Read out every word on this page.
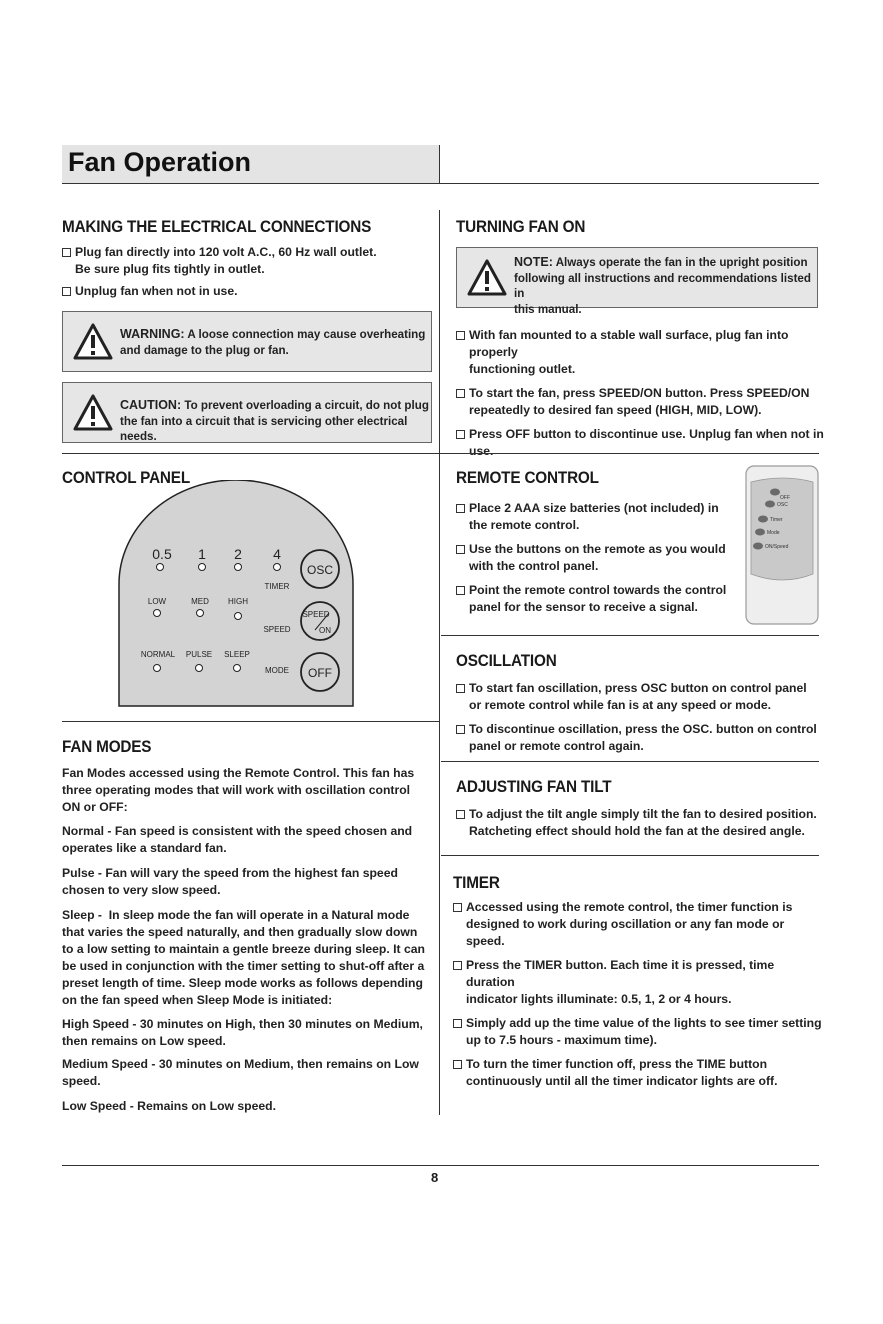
Fan Operation
MAKING THE ELECTRICAL CONNECTIONS
Plug fan directly into 120 volt A.C., 60 Hz wall outlet.
Be sure plug fits tightly in outlet.
Unplug fan when not in use.
WARNING: A loose connection may cause overheating
and damage to the plug or fan.
CAUTION: To prevent overloading a circuit, do not plug
the fan into a circuit that is servicing other electrical needs.
TURNING FAN ON
NOTE: Always operate the fan in the upright position
following all instructions and recommendations listed in
this manual.
With fan mounted to a stable wall surface, plug fan into properly
functioning outlet.
To start the fan, press SPEED/ON button. Press SPEED/ON
repeatedly to desired fan speed (HIGH, MID, LOW).
Press OFF button to discontinue use. Unplug fan when not in use.
CONTROL PANEL
0.5 1 2 4
TIMER
LOW	MED HIGH
SPEED
NORMAL PULSE SLEEP
MODE
OSC
SPEED
ON
OFF
REMOTE CONTROL
Place 2 AAA size batteries (not included) in
the remote control.
Use the buttons on the remote as you would
with the control panel.
Point the remote control towards the control
panel for the sensor to receive a signal.
OFF
OSC
Timer
Mode
ON/Speed
OSCILLATION
To start fan oscillation, press OSC button on control panel
or remote control while fan is at any speed or mode.
To discontinue oscillation, press the OSC. button on control
panel or remote control again.
FAN MODES

Fan Modes accessed using the Remote Control. This fan has
three operating modes that will work with oscillation control
ON or OFF:

Normal - Fan speed is consistent with the speed chosen and
operates like a standard fan.

Pulse - Fan will vary the speed from the highest fan speed
chosen to very slow speed.

Sleep -  In sleep mode the fan will operate in a Natural mode
that varies the speed naturally, and then gradually slow down
to a low setting to maintain a gentle breeze during sleep. It can
be used in conjunction with the timer setting to shut-off after a
preset length of time. Sleep mode works as follows depending
on the fan speed when Sleep Mode is initiated:

High Speed - 30 minutes on High, then 30 minutes on Medium,
then remains on Low speed.

Medium Speed - 30 minutes on Medium, then remains on Low
speed.

Low Speed - Remains on Low speed.

ADJUSTING FAN TILT
To adjust the tilt angle simply tilt the fan to desired position.
Ratcheting effect should hold the fan at the desired angle.
TIMER
Accessed using the remote control, the timer function is
designed to work during oscillation or any fan mode or speed.
Press the TIMER button. Each time it is pressed, time duration
indicator lights illuminate: 0.5, 1, 2 or 4 hours.
Simply add up the time value of the lights to see timer setting
up to 7.5 hours - maximum time).
To turn the timer function off, press the TIME button
continuously until all the timer indicator lights are off.
8
